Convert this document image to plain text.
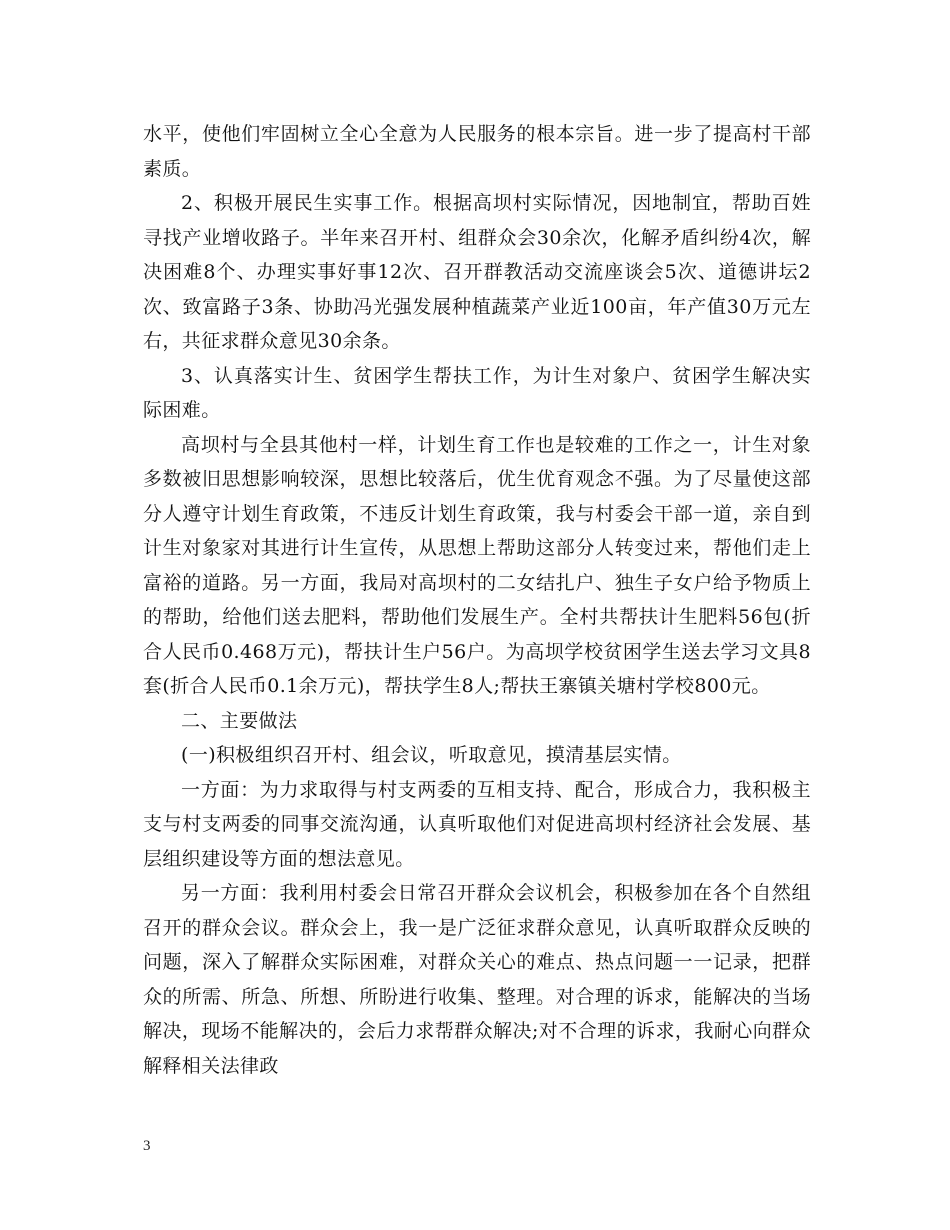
水平，使他们牢固树立全心全意为人民服务的根本宗旨。进一步了提高村干部素质。

2、积极开展民生实事工作。根据高坝村实际情况，因地制宜，帮助百姓寻找产业增收路子。半年来召开村、组群众会30余次，化解矛盾纠纷4次，解决困难8个、办理实事好事12次、召开群教活动交流座谈会5次、道德讲坛2次、致富路子3条、协助冯光强发展种植蔬菜产业近100亩，年产值30万元左右，共征求群众意见30余条。

3、认真落实计生、贫困学生帮扶工作，为计生对象户、贫困学生解决实际困难。

高坝村与全县其他村一样，计划生育工作也是较难的工作之一，计生对象多数被旧思想影响较深，思想比较落后，优生优育观念不强。为了尽量使这部分人遵守计划生育政策，不违反计划生育政策，我与村委会干部一道，亲自到计生对象家对其进行计生宣传，从思想上帮助这部分人转变过来，帮他们走上富裕的道路。另一方面，我局对高坝村的二女结扎户、独生子女户给予物质上的帮助，给他们送去肥料，帮助他们发展生产。全村共帮扶计生肥料56包(折合人民币0.468万元)，帮扶计生户56户。为高坝学校贫困学生送去学习文具8套(折合人民币0.1余万元)，帮扶学生8人;帮扶王寨镇关塘村学校800元。

二、主要做法

(一)积极组织召开村、组会议，听取意见，摸清基层实情。

一方面：为力求取得与村支两委的互相支持、配合，形成合力，我积极主支与村支两委的同事交流沟通，认真听取他们对促进高坝村经济社会发展、基层组织建设等方面的想法意见。

另一方面：我利用村委会日常召开群众会议机会，积极参加在各个自然组召开的群众会议。群众会上，我一是广泛征求群众意见，认真听取群众反映的问题，深入了解群众实际困难，对群众关心的难点、热点问题一一记录，把群众的所需、所急、所想、所盼进行收集、整理。对合理的诉求，能解决的当场解决，现场不能解决的，会后力求帮群众解决;对不合理的诉求，我耐心向群众解释相关法律政

3
